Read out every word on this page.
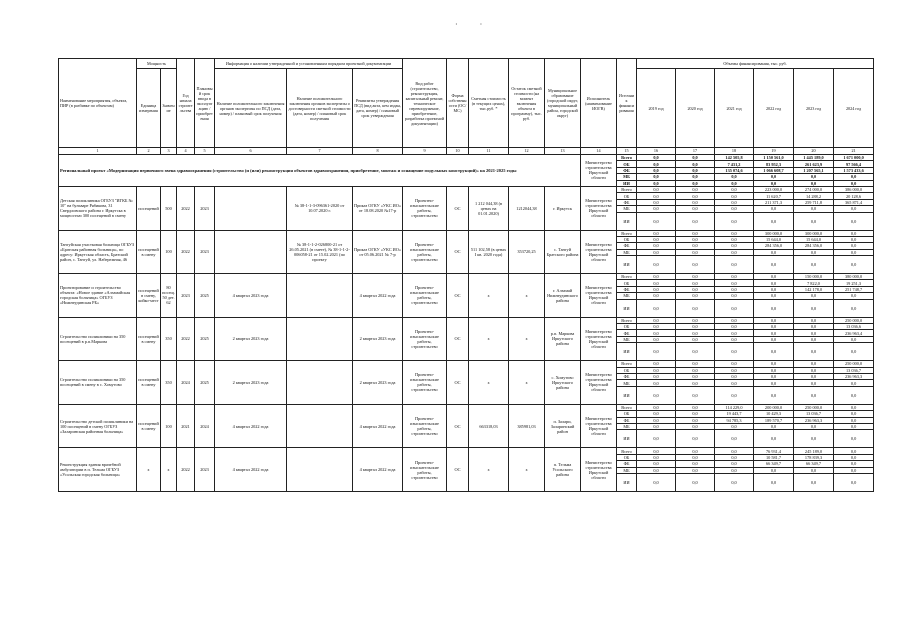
· ·
Наименование мероприятия, объекта, ПИР (в разбивке по объектам)	Мощность		Год начала строительства	Плановый срок ввода в эксплуатацию / приобретения	Информация о наличии утвержденной и установленным порядком проектной документации			Вид работ (строительство, реконструкция, капитальный ремонт, техническое перевооружение, приобретение, разработка проектной документации)	Форма собственности (ОС/МС)	Сметная стоимость (в текущих ценах), тыс.руб. *	Остаток сметной стоимости (на момент включения объекта в программу), тыс. руб.	Муниципальное образование (городской округ, муниципальный район, городской округ)	Исполнитель (наименование ИОГВ)	Источник финансирования	Объемы финансирования, тыс. руб.					
	Единица измерения	Значение			Наличие положительного заключения органов экспертизы по ПСД (дата, номер) / плановый срок получения	Наличие положительного заключения органов экспертизы о достоверности сметной стоимости (дата, номер) / плановый срок получения	Реквизиты утверждения ПСД (вид акта, кем издан, дата, номер) / плановый срок утверждения								2019 год	2020 год	2021 год	2022 год	2023 год	2024 год

1	2	3	4	5	6	7	8	9	10	11	12	13	14	15	16	17	18	19	20	21
Региональный проект «Модернизация первичного звена здравоохранения (строительство (и (или) реконструкция объектов здравоохранения, приобретение, монтаж и оснащение модульных конструкций)» на 2021-2025 годы													Министерство строительства Иркутской области	Всего	0,0	0,0	142 505,8	1 150 561,0	1 445 189,0	1 671 000,0
														ОБ	0,0	0,0	7 431,2	83 952,3	261 623,9	97 566,4
														ФБ	0,0	0,0	135 074,6	1 066 608,7	1 207 565,1	1 573 433,6
														МБ	0,0	0,0	0,0	0,0	0,0	0,0
														ИИ	0,0	0,0	0,0	0,0	0,0	0,0
Детская поликлиника ОГБУЗ "ИГКБ № 10" на бульваре Рябикова, 31 Свердловского района г. Иркутска в мощностью 300 посещений в смену	посещений	500	2022	2023		№ 38-1-1-3-096361-2020 от 10.07.2020 г.	Приказ ОГКУ «УКС ИО» от 18.08.2020 №17-р	Проектно-изыскательские работы, строительство	ОС	1 212 044,38 (в ценах на 01.01.2020)	1212044,38	г. Иркутск	Министерство строительства Иркутской области	Всего	0,0	0,0	0,0	223 000,0	274 000,0	386 000,0
														ОБ	0,0	0,0	0,0	11 620,7	14 288,2	20 128,6
														ФБ	0,0	0,0	0,0	211 371,3	259 711,8	365 871,4
														МБ	0,0	0,0	0,0	0,0	0,0	0,0
														ИИ	0,0	0,0	0,0	0,0	0,0	0,0
Тангуйская участковая больница ОГБУЗ «Братская районная больница», по адресу: Иркутская область, Братский район, с. Тангуй, ул. Набережная, 46	посещений в смену	100	2022	2023		№ 38-1-1-2-026800-21 от 26.05.2021 (в смете), № 38-1-1-2-006058-21 от 15.02.2021 (по проекту	Приказ ОГКУ «УКС ИО» от 05.06.2021 № 7-р	Проектно-изыскательские работы, строительство	ОС	511 102,58 (в ценах I кв. 2020 года)	353720,25	с. Тангуй Братского района	Министерство строительства Иркутской области	Всего	0,0	0,0	0,0	300 000,0	300 000,0	0,0
														ОБ	0,0	0,0	0,0	15 644,0	15 644,0	0,0
														ФБ	0,0	0,0	0,0	284 356,0	284 356,0	0,0
														МБ	0,0	0,0	0,0	0,0	0,0	0,0
														ИИ	0,0	0,0	0,0	0,0	0,0	0,0
Проектирование и строительство объекта: «Новое здание «Алзамайская городская больница» ОГБУЗ «Нижнеудинская РБ»	посещений в смену, койко-мест	80 посещ. 50 дет. 62	2023	2025	4 квартал 2023 года		4 квартал 2022 года	Проектно-изыскательские работы, строительство	ОС	х	х	г. Алзамай Нижнеудинского района	Министерство строительства Иркутской области	Всего	0,0	0,0	0,0	0,0	150 000,0	380 000,0
														ОБ	0,0	0,0	0,0	0,0	7 822,0	19 251,3
														ФБ	0,0	0,0	0,0	0,0	142 178,0	251 748,7
														МБ	0,0	0,0	0,0	0,0	0,0	0,0
														ИИ	0,0	0,0	0,0	0,0	0,0	0,0
Строительство поликлиники на 350 посещений в р.п.Маркова	посещений в смену	350	2022	2025	2 квартал 2023 года		2 квартал 2023 года	Проектно-изыскательские работы, строительство	ОС	х	х	р.п. Маркова Иркутского района	Министерство строительства Иркутской области	Всего	0,0	0,0	0,0	0,0	0,0	250 000,0
														ОБ	0,0	0,0	0,0	0,0	0,0	13 036,6
														ФБ	0,0	0,0	0,0	0,0	0,0	236 963,4
														МБ	0,0	0,0	0,0	0,0	0,0	0,0
														ИИ	0,0	0,0	0,0	0,0	0,0	0,0
Строительство поликлиники на 350 посещений в смену в с. Хомутово	посещений в смену	350	2024	2025	2 квартал 2023 года		2 квартал 2023 года	Проектно-изыскательские работы, строительство	ОС	х	х	с. Хомутово Иркутского района	Министерство строительства Иркутской области	Всего	0,0	0,0	0,0	0,0	0,0	250 000,0
														ОБ	0,0	0,0	0,0	0,0	0,0	13 036,7
														ФБ	0,0	0,0	0,0	0,0	0,0	236 963,3
														МБ	0,0	0,0	0,0	0,0	0,0	0,0
														ИИ	0,0	0,0	0,0	0,0	0,0	0,0
Строительство детской поликлиники на 100 посещений в смену ОГБУЗ «Заларинская районная больница»	посещений в смену	100	2021	2024	4 квартал 2022 года		4 квартал 2022 года	Проектно-изыскательские работы, строительство	ОС	663318,03	385981,03	п. Залари, Заларинский район	Министерство строительства Иркутской области	Всего	0,0	0,0	114 229,0	200 000,0	250 000,0	0,0
														ОБ	0,0	0,0	19 443,7	10 429,3	13 036,7	0,0
														ФБ	0,0	0,0	94 785,3	189 570,7	236 963,3	0,0
														МБ	0,0	0,0	0,0	0,0	0,0	0,0
														ИИ	0,0	0,0	0,0	0,0	0,0	0,0
Реконструкция здания врачебной амбулатории в п. Тельма ОГБУЗ «Усольская городская больница»	х	х	2022	2023	4 квартал 2022 года		4 квартал 2022 года	Проектно-изыскательские работы, строительство	ОС	х	х	п. Тельма Усольского района	Министерство строительства Иркутской области	Всего	0,0	0,0	0,0	76 931,4	245 189,0	0,0
														ОБ	0,0	0,0	0,0	10 581,7	178 839,3	0,0
														ФБ	0,0	0,0	0,0	66 349,7	66 349,7	0,0
														МБ	0,0	0,0	0,0	0,0	0,0	0,0
														ИИ	0,0	0,0	0,0	0,0	0,0	0,0
